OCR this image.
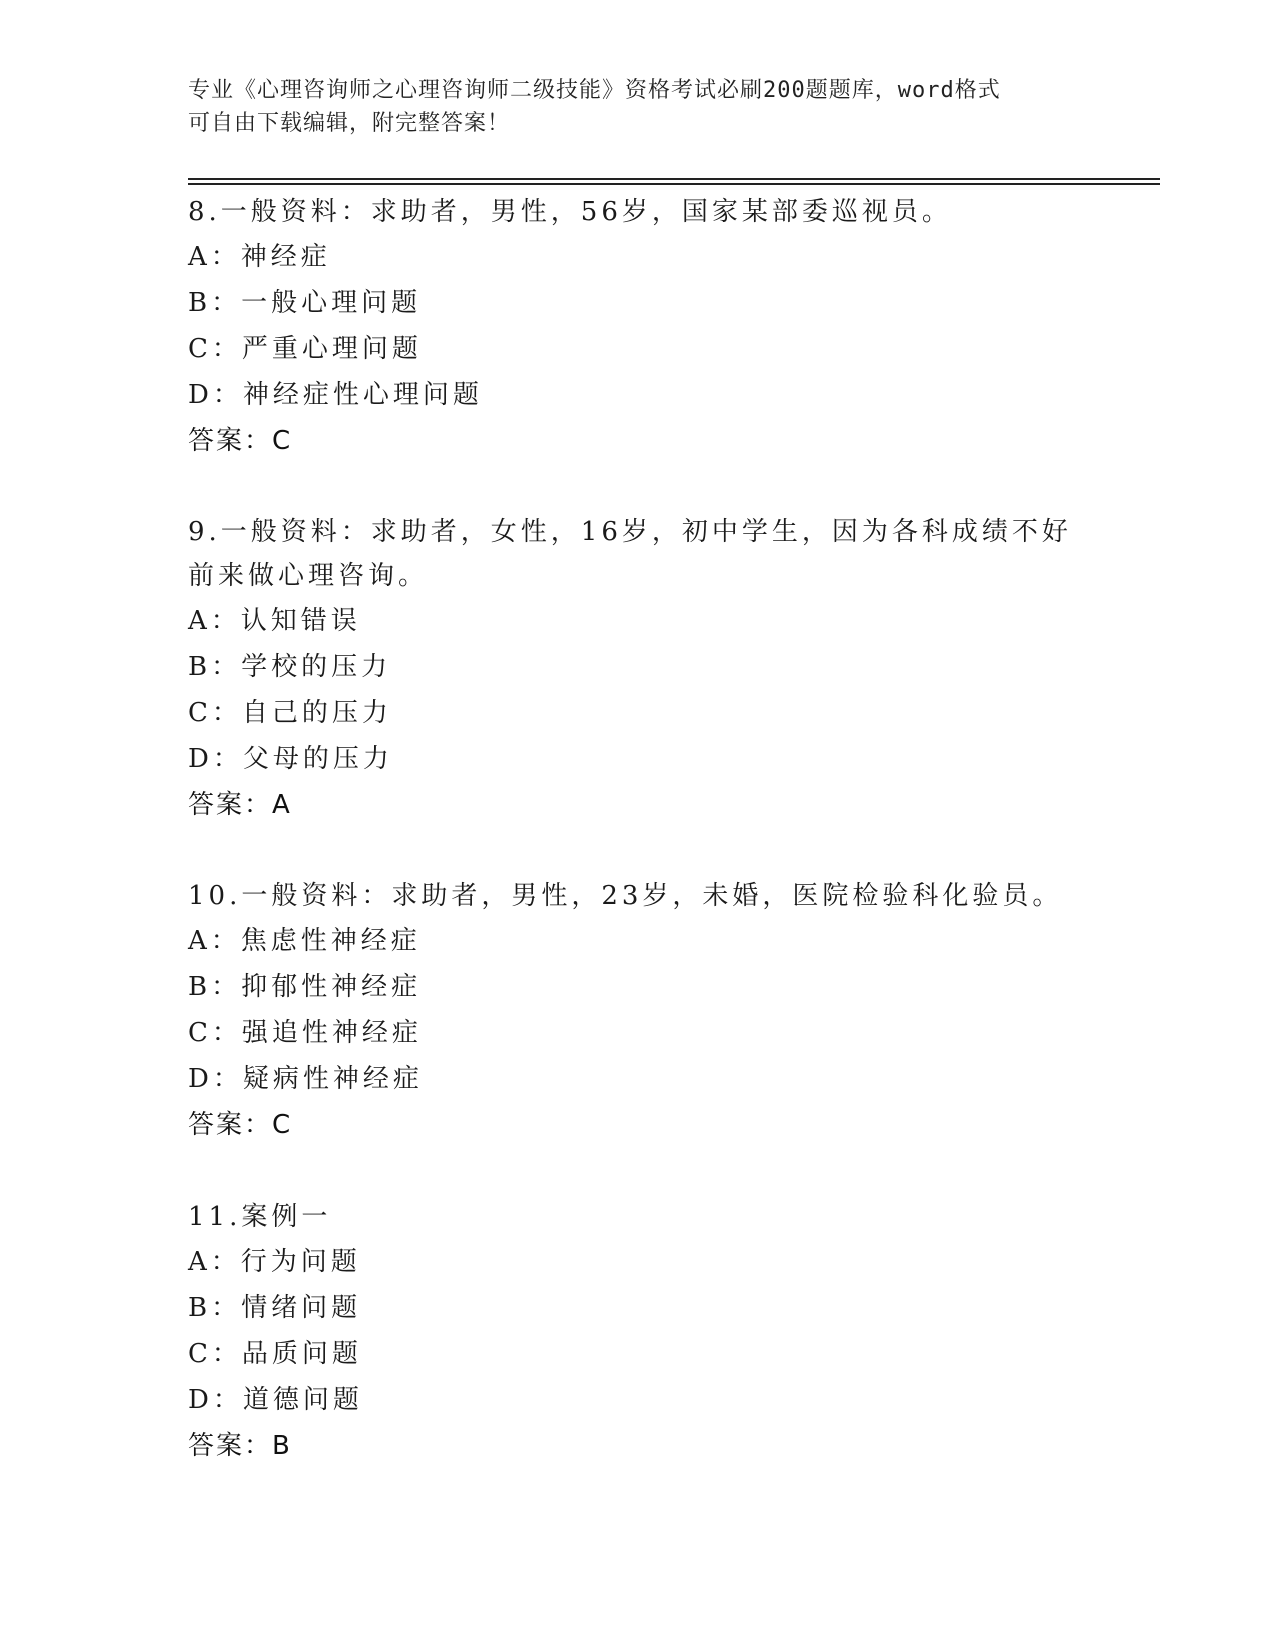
专业《心理咨询师之心理咨询师二级技能》资格考试必刷200题题库，word格式
可自由下载编辑，附完整答案！

8.一般资料：求助者，男性，56岁，国家某部委巡视员。

A：神经症

B：一般心理问题

C：严重心理问题

D：神经症性心理问题

答案：C

9.一般资料：求助者，女性，16岁，初中学生，因为各科成绩不好前来做心理咨询。

A：认知错误

B：学校的压力

C：自己的压力

D：父母的压力

答案：A

10.一般资料：求助者，男性，23岁，未婚，医院检验科化验员。

A：焦虑性神经症

B：抑郁性神经症

C：强追性神经症

D：疑病性神经症

答案：C

11.案例一

A：行为问题

B：情绪问题

C：品质问题

D：道德问题

答案：B
